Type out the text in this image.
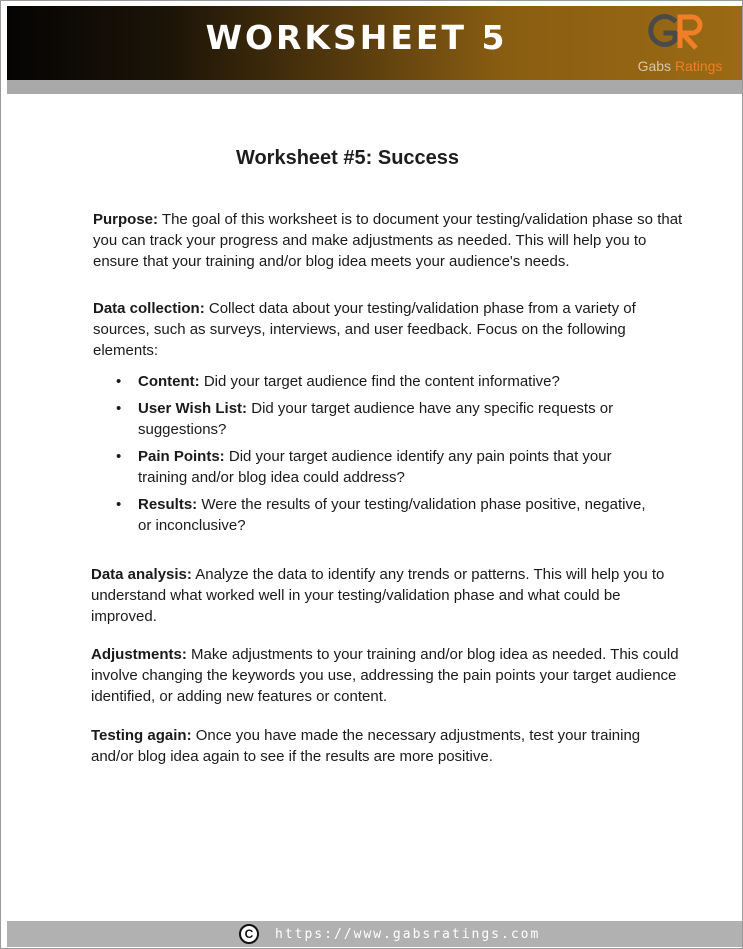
WORKSHEET 5
Gabs Ratings
Worksheet #5: Success

Purpose: The goal of this worksheet is to document your testing/validation phase so that you can track your progress and make adjustments as needed. This will help you to ensure that your training and/or blog idea meets your audience's needs.

Data collection: Collect data about your testing/validation phase from a variety of sources, such as surveys, interviews, and user feedback. Focus on the following elements:

• Content: Did your target audience find the content informative?
• User Wish List: Did your target audience have any specific requests or suggestions?
• Pain Points: Did your target audience identify any pain points that your training and/or blog idea could address?
• Results: Were the results of your testing/validation phase positive, negative, or inconclusive?

Data analysis: Analyze the data to identify any trends or patterns. This will help you to understand what worked well in your testing/validation phase and what could be improved.

Adjustments: Make adjustments to your training and/or blog idea as needed. This could involve changing the keywords you use, addressing the pain points your target audience identified, or adding new features or content.

Testing again: Once you have made the necessary adjustments, test your training and/or blog idea again to see if the results are more positive.

C	https://www.gabsratings.com
